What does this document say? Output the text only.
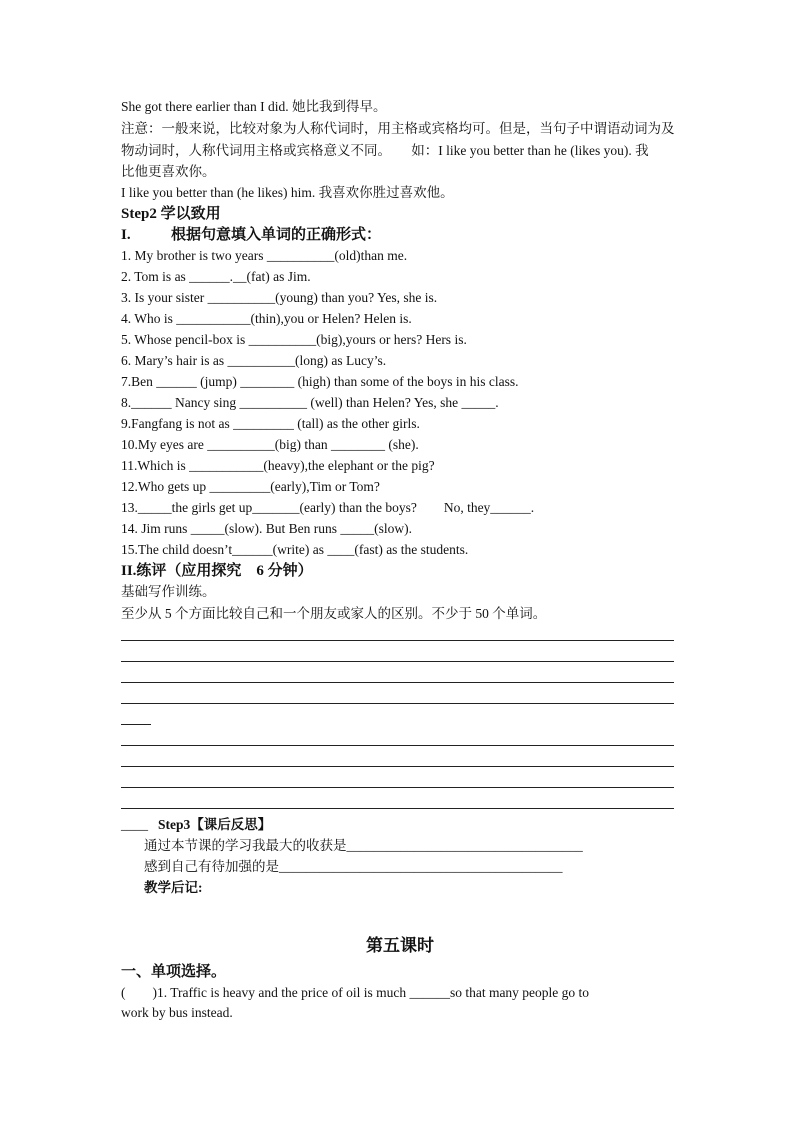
She got there earlier than I did. 她比我到得早。
注意：一般来说，比较对象为人称代词时，用主格或宾格均可。但是，当句子中谓语动词为及
物动词时，人称代词用主格或宾格意义不同。　　如：I like you better than he (likes you). 我
比他更喜欢你。
I like you better than (he likes) him. 我喜欢你胜过喜欢他。
Step2 学以致用
I.	根据句意填入单词的正确形式：
1. My brother is two years __________(old)than me.
2. Tom is as ______.__(fat) as Jim.
3. Is your sister __________(young) than you? Yes, she is.
4. Who is ___________(thin),you or Helen? Helen is.
5. Whose pencil-box is __________(big),yours or hers? Hers is.
6. Mary’s hair is as __________(long) as Lucy’s.
7.Ben ______ (jump) ________ (high) than some of the boys in his class.
8.______ Nancy sing __________ (well) than Helen? Yes, she _____.
9.Fangfang is not as _________ (tall) as the other girls.
10.My eyes are __________(big) than ________ (she).
11.Which is ___________(heavy),the elephant or the pig?
12.Who gets up _________(early),Tim or Tom?
13._____the girls get up_______(early) than the boys?　　No, they______.
14. Jim runs _____(slow). But Ben runs _____(slow).
15.The child doesn’t______(write) as ____(fast) as the students.
II.练评（应用探究　6 分钟）
基础写作训练。
至少从 5 个方面比较自己和一个朋友或家人的区别。不少于 50 个单词。
____ Step3【课后反思】
通过本节课的学习我最大的收获是___________________________________
感到自己有待加强的是__________________________________________
教学后记:
第五课时
一、单项选择。
(　　)1. Traffic is heavy and the price of oil is much ______so that many people go to
work by bus instead.
